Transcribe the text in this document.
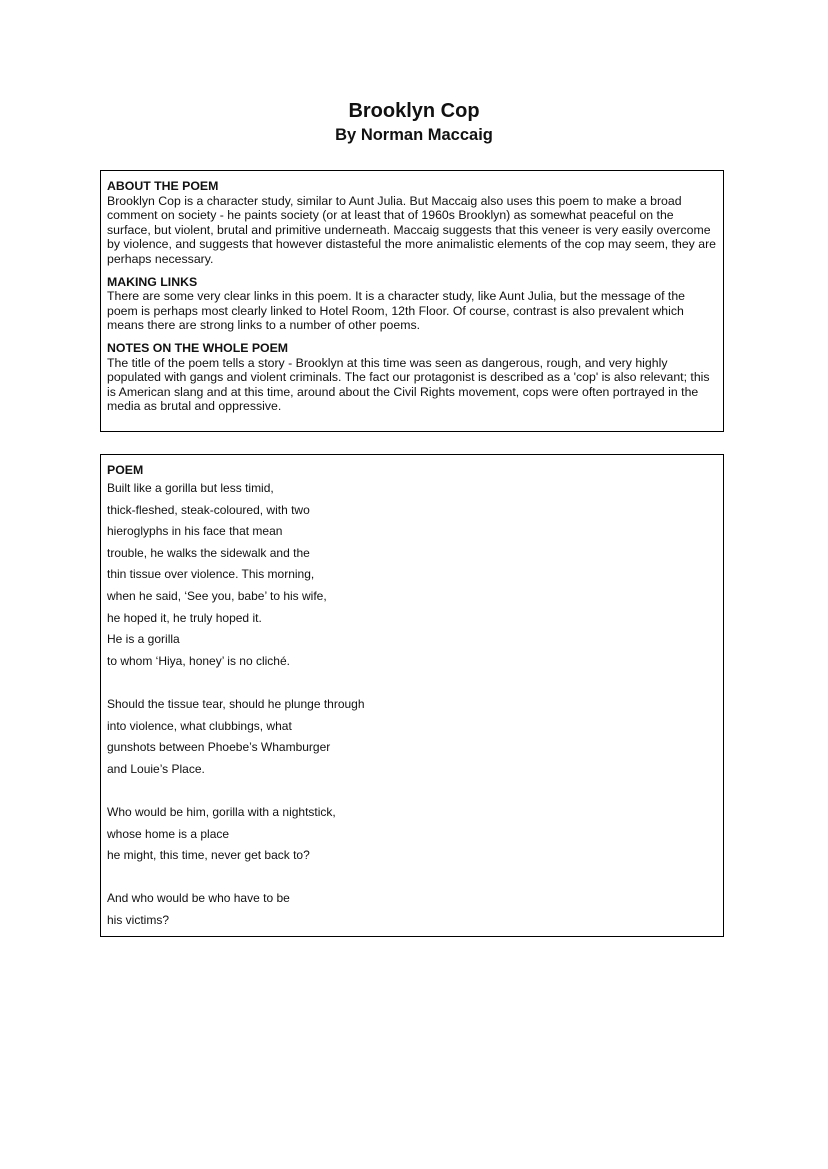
Brooklyn Cop
By Norman Maccaig

ABOUT THE POEM

Brooklyn Cop is a character study, similar to Aunt Julia. But Maccaig also uses this poem to make a broad comment on society - he paints society (or at least that of 1960s Brooklyn) as somewhat peaceful on the surface, but violent, brutal and primitive underneath. Maccaig suggests that this veneer is very easily overcome by violence, and suggests that however distasteful the more animalistic elements of the cop may seem, they are perhaps necessary.

MAKING LINKS

There are some very clear links in this poem. It is a character study, like Aunt Julia, but the message of the poem is perhaps most clearly linked to Hotel Room, 12th Floor. Of course, contrast is also prevalent which means there are strong links to a number of other poems.

NOTES ON THE WHOLE POEM

The title of the poem tells a story - Brooklyn at this time was seen as dangerous, rough, and very highly populated with gangs and violent criminals. The fact our protagonist is described as a 'cop' is also relevant; this is American slang and at this time, around about the Civil Rights movement, cops were often portrayed in the media as brutal and oppressive.

POEM

Built like a gorilla but less timid,
thick-fleshed, steak-coloured, with two
hieroglyphs in his face that mean
trouble, he walks the sidewalk and the
thin tissue over violence. This morning,
when he said, ‘See you, babe’ to his wife,
he hoped it, he truly hoped it.
He is a gorilla
to whom ‘Hiya, honey’ is no cliché.
Should the tissue tear, should he plunge through
into violence, what clubbings, what
gunshots between Phoebe’s Whamburger
and Louie’s Place.
Who would be him, gorilla with a nightstick,
whose home is a place
he might, this time, never get back to?
And who would be who have to be
his victims?
